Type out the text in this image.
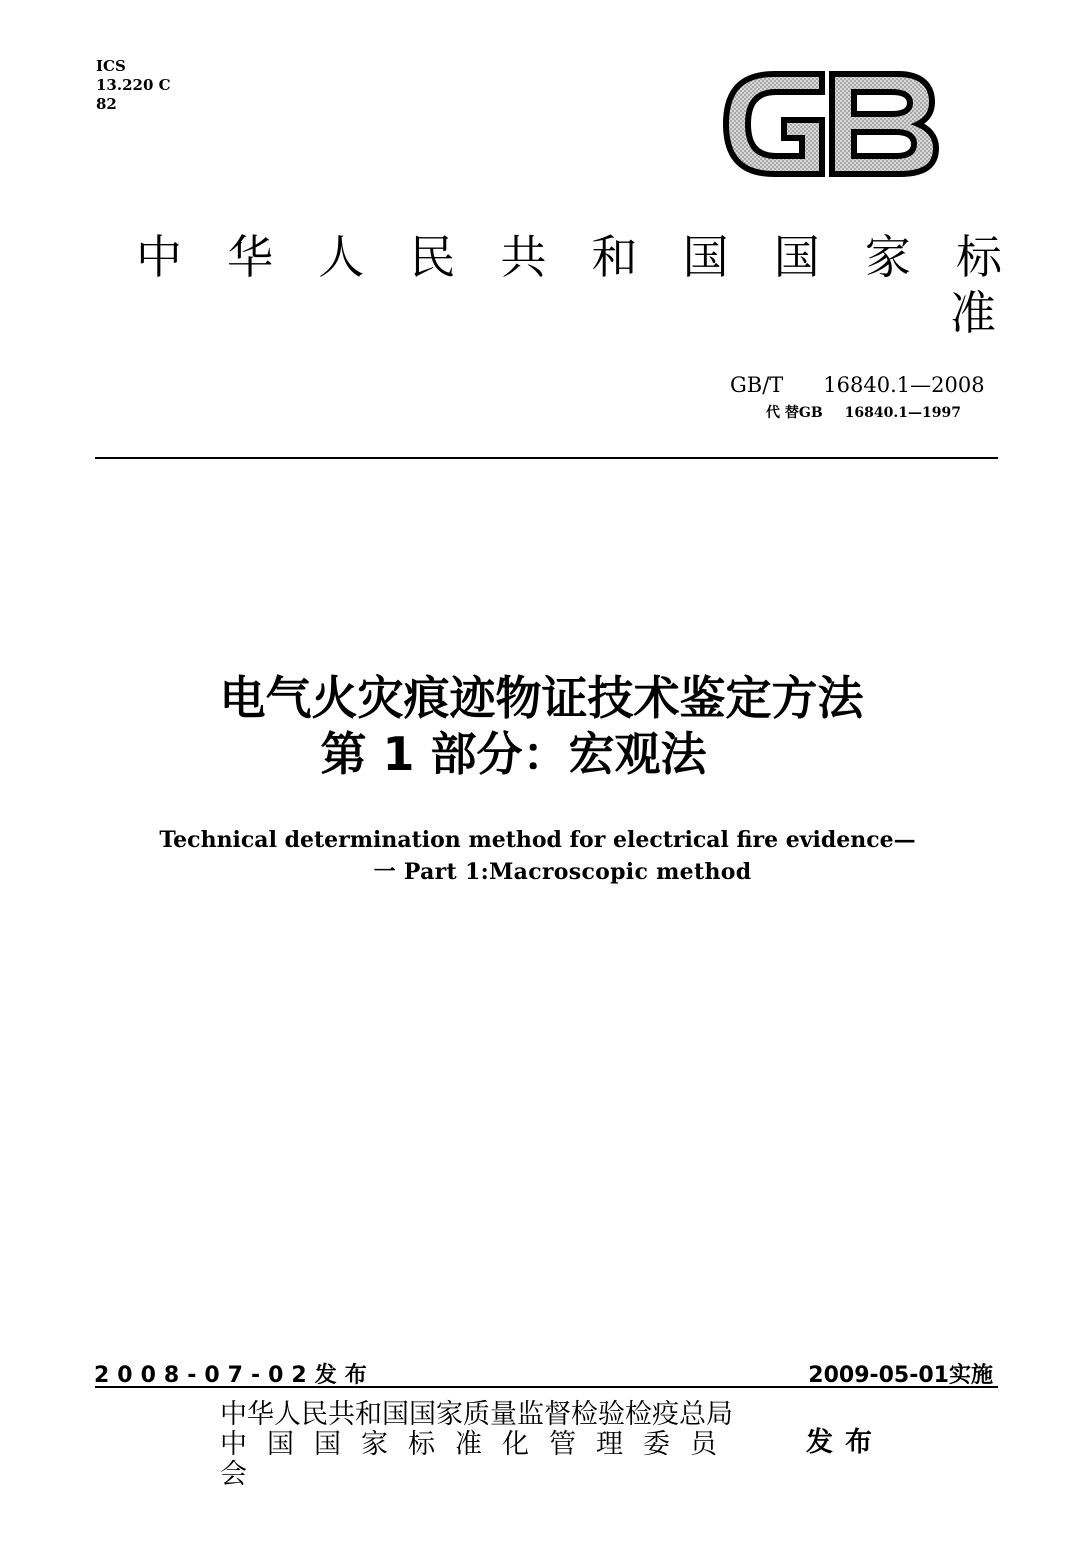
ICS
13.220 C
82
中 华 人 民 共 和 国 国 家 标
准
GB/T 16840.1—2008
代 替GB 16840.1—1997
电气火灾痕迹物证技术鉴定方法
第 1 部分：宏观法
Technical determination method for electrical fire evidence—
一 Part 1:Macroscopic method
2008-07-02发布	2009-05-01实施
中华人民共和国国家质量监督检验检疫总局
中国国家标准化管理委员
会
发布
